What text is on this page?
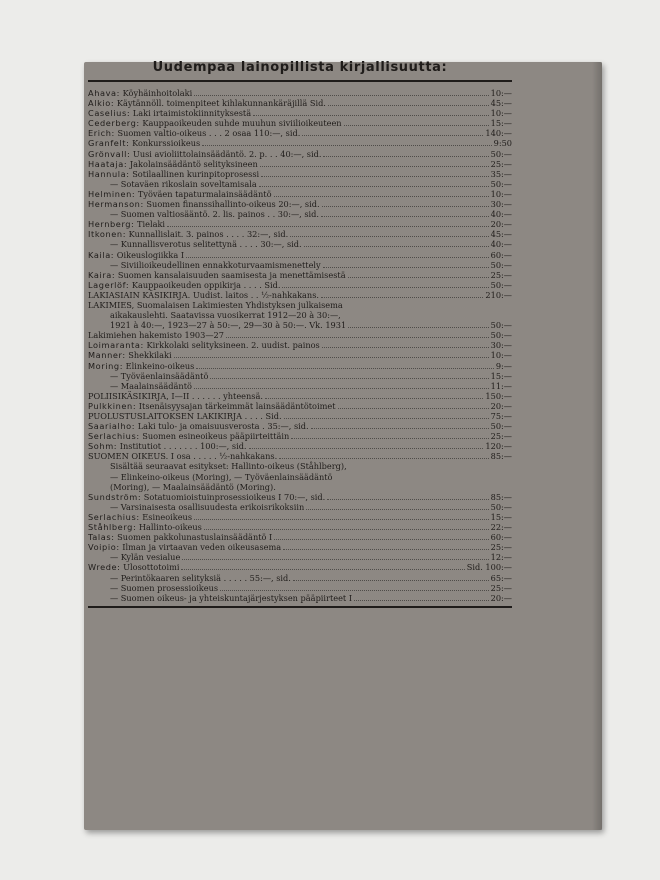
Uudempaa lainopillista kirjallisuutta:
Ahava: Köyhäinhoitolaki	10:—
Alkio: Käytännöll. toimenpiteet kihlakunnankäräjillä Sid.	45:—
Caselius: Laki irtaimistokiinnityksestä	10:—
Cederberg: Kauppaoikeuden suhde muuhun siviilioikeuteen	15:—
Erich: Suomen valtio-oikeus . . . 2 osaa 110:—, sid.	140:—
Granfelt: Konkurssioikeus	9:50
Grönvall: Uusi avioliittolainsäädäntö. 2. p. . . 40:—, sid.	50:—
Haataja: Jakolainsäädäntö selityksineen	25:—
Hannula: Sotilaallinen kurinpitoprosessi	35:—
— Sotaväen rikoslain soveltamisala	50:—
Helminen: Työväen tapaturmalainsäädäntö	10:—
Hermanson: Suomen finanssihallinto-oikeus 20:—, sid.	30:—
— Suomen valtiosääntö. 2. lis. painos . . 30:—, sid.	40:—
Hernberg: Tielaki	20:—
Itkonen: Kunnallislait. 3. painos . . . . 32:—, sid.	45:—
— Kunnallisverotus selitettynä . . . . 30:—, sid.	40:—
Kaila: Oikeuslogiikka I	60:—
— Siviilioikeudellinen ennakkoturvaamismenettely	50:—
Kaira: Suomen kansalaisuuden saamisesta ja menettämisestä	25:—
Lagerlöf: Kauppaoikeuden oppikirja . . . . Sid.	50:—
LAKIASIAIN KÄSIKIRJA. Uudist. laitos . . ½-nahkakans.	210:—
LAKIMIES, Suomalaisen Lakimiesten Yhdistyksen julkaisema
aikakauslehti. Saatavissa vuosikerrat 1912—20 à 30:—,
1921 à 40:—, 1923—27 à 50:—, 29—30 à 50:—. Vk. 1931	50:—
Lakimiehen hakemisto 1903—27	50:—
Loimaranta: Kirkkolaki selityksineen. 2. uudist. painos	30:—
Manner: Shekkilaki	10:—
Moring: Elinkeino-oikeus	9:—
— Työväenlainsäädäntö	15:—
— Maalainsäädäntö	11:—
POLIISIKÄSIKIRJA, I—II . . . . . . yhteensä.	150:—
Pulkkinen: Itsenäisyysajan tärkeimmät lainsäädäntötoimet	20:—
PUOLUSTUSLAITOKSEN LAKIKIRJA . . . . Sid.	75:—
Saarialho: Laki tulo- ja omaisuusverosta . 35:—, sid.	50:—
Serlachius: Suomen esineoikeus pääpiirteittäin	25:—
Sohm: Institutiot . . . . . . . 100:—, sid.	120:—
SUOMEN OIKEUS. I osa . . . . . ½-nahkakans.	85:—
Sisältää seuraavat esitykset: Hallinto-oikeus (Ståhlberg),
— Elinkeino-oikeus (Moring), — Työväenlainsäädäntö
(Moring), — Maalainsäädäntö (Moring).
Sundström: Sotatuomioistuinprosessioikeus I 70:—, sid.	85:—
— Varsinaisesta osallisuudesta erikoisrikoksiin	50:—
Serlachius: Esineoikeus	15:—
Ståhlberg: Hallinto-oikeus	22:—
Talas: Suomen pakkolunastuslainsäädäntö I	60:—
Voipio: Ilman ja virtaavan veden oikeusasema	25:—
— Kylän vesialue	12:—
Wrede: Ulosottotoimi	Sid. 100:—
— Perintökaaren selityksiä . . . . . 55:—, sid.	65:—
— Suomen prosessioikeus	25:—
— Suomen oikeus- ja yhteiskuntajärjestyksen pääpiirteet I	20:—
